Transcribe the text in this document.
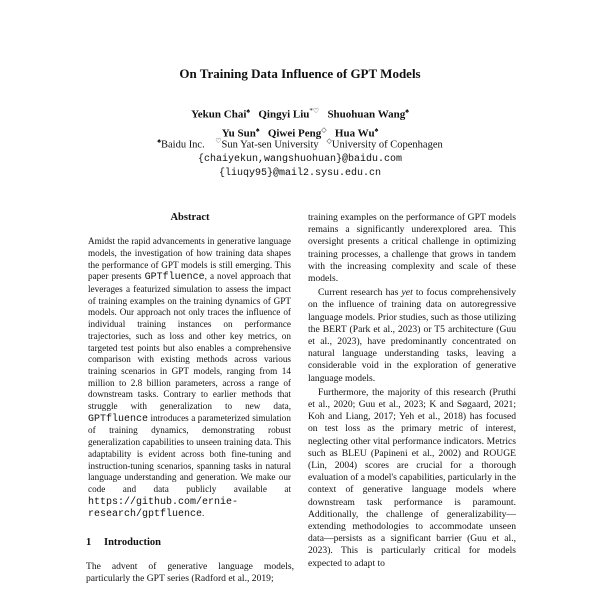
On Training Data Influence of GPT Models
Yekun Chai♠ Qingyi Liu*♡ Shuohuan Wang♠
Yu Sun♠ Qiwei Peng◇ Hua Wu♠
♠Baidu Inc. ♡Sun Yat-sen University ◇University of Copenhagen
{chaiyekun,wangshuohuan}@baidu.com
{liuqy95}@mail2.sysu.edu.cn
Abstract

Amidst the rapid advancements in generative language models, the investigation of how training data shapes the performance of GPT models is still emerging. This paper presents GPTfluence, a novel approach that leverages a featurized simulation to assess the impact of training examples on the training dynamics of GPT models. Our approach not only traces the influence of individual training instances on performance trajectories, such as loss and other key metrics, on targeted test points but also enables a comprehensive comparison with existing methods across various training scenarios in GPT models, ranging from 14 million to 2.8 billion parameters, across a range of downstream tasks. Contrary to earlier methods that struggle with generalization to new data, GPTfluence introduces a parameterized simulation of training dynamics, demonstrating robust generalization capabilities to unseen training data. This adaptability is evident across both fine-tuning and instruction-tuning scenarios, spanning tasks in natural language understanding and generation. We make our code and data publicly available at https://github.com/ernie-research/gptfluence.

1 Introduction

The advent of generative language models, particularly the GPT series (Radford et al., 2019;

training examples on the performance of GPT models remains a significantly underexplored area. This oversight presents a critical challenge in optimizing training processes, a challenge that grows in tandem with the increasing complexity and scale of these models.

Current research has yet to focus comprehensively on the influence of training data on autoregressive language models. Prior studies, such as those utilizing the BERT (Park et al., 2023) or T5 architecture (Guu et al., 2023), have predominantly concentrated on natural language understanding tasks, leaving a considerable void in the exploration of generative language models.

Furthermore, the majority of this research (Pruthi et al., 2020; Guu et al., 2023; K and Søgaard, 2021; Koh and Liang, 2017; Yeh et al., 2018) has focused on test loss as the primary metric of interest, neglecting other vital performance indicators. Metrics such as BLEU (Papineni et al., 2002) and ROUGE (Lin, 2004) scores are crucial for a thorough evaluation of a model's capabilities, particularly in the context of generative language models where downstream task performance is paramount. Additionally, the challenge of generalizability—extending methodologies to accommodate unseen data—persists as a significant barrier (Guu et al., 2023). This is particularly critical for models expected to adapt to
